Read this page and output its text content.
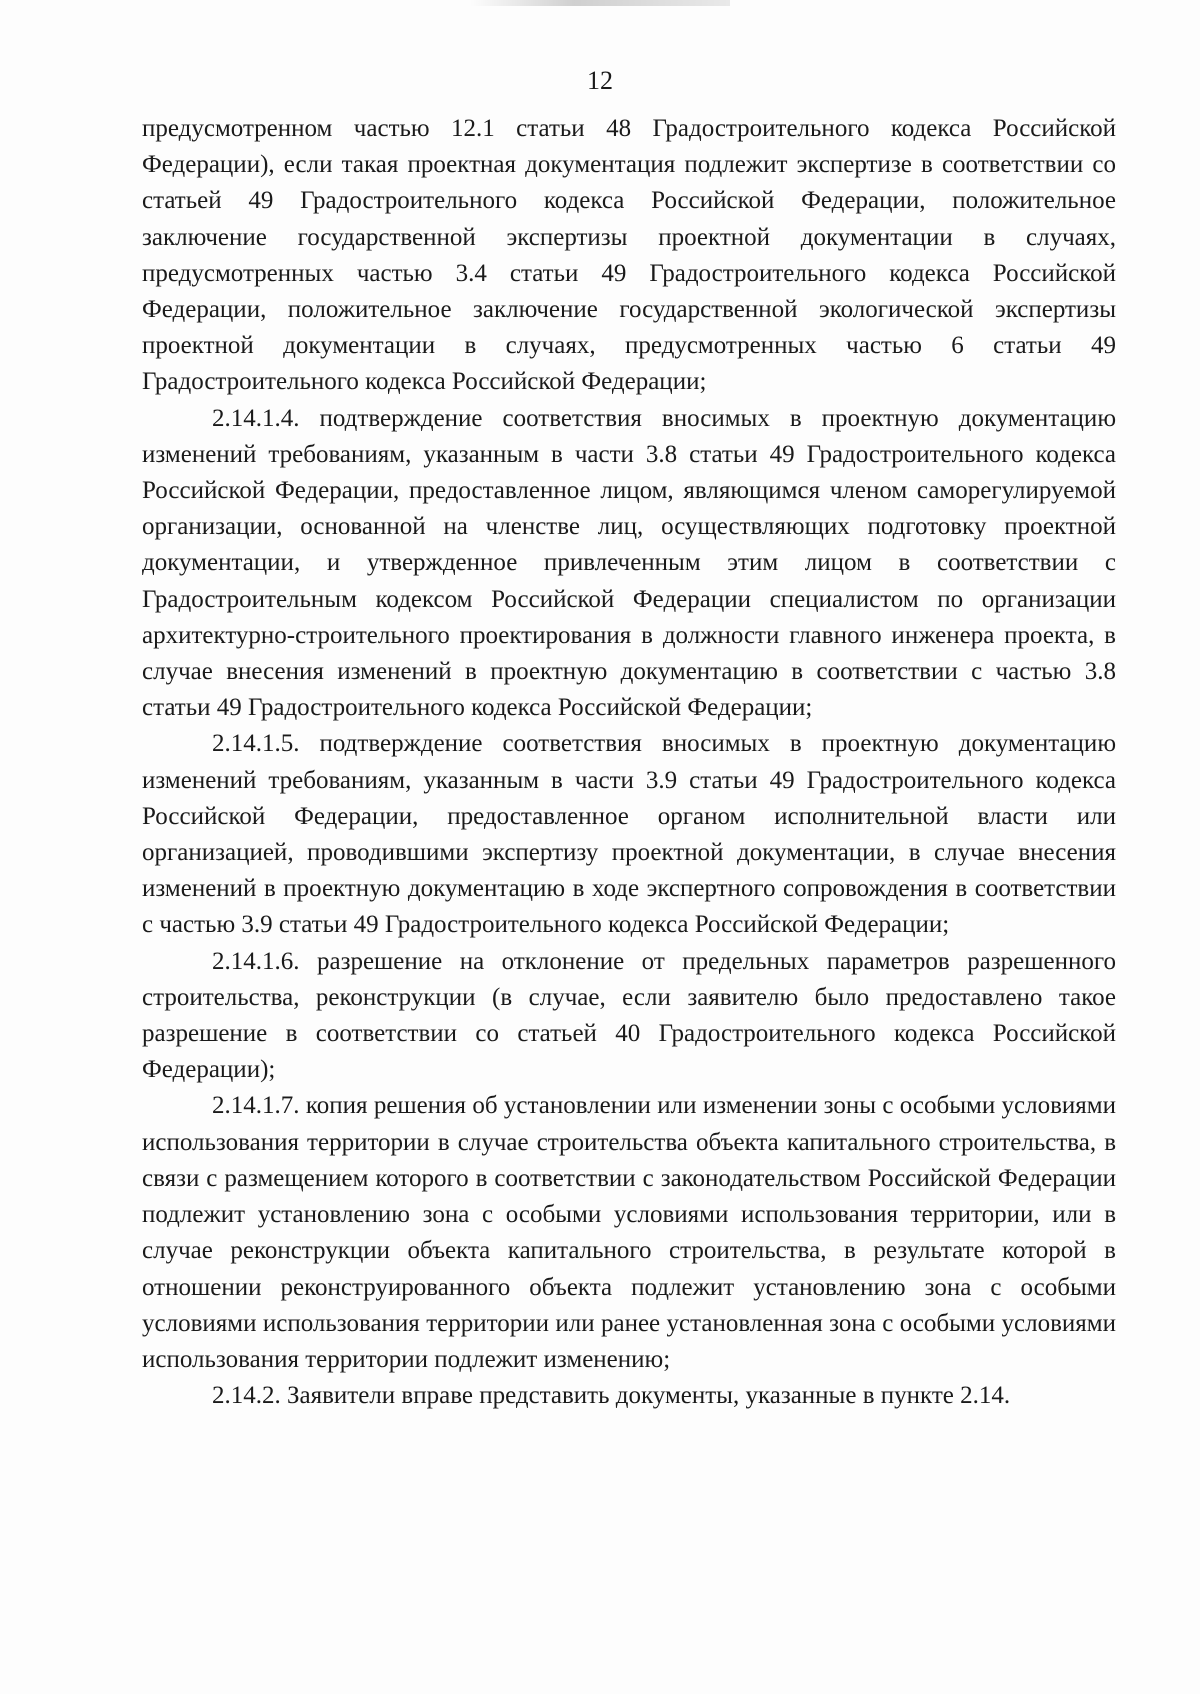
12

предусмотренном частью 12.1 статьи 48 Градостроительного кодекса Российской Федерации), если такая проектная документация подлежит экспертизе в соответствии со статьей 49 Градостроительного кодекса Российской Федерации, положительное заключение государственной экспертизы проектной документации в случаях, предусмотренных частью 3.4 статьи 49 Градостроительного кодекса Российской Федерации, положительное заключение государственной экологической экспертизы проектной документации в случаях, предусмотренных частью 6 статьи 49 Градостроительного кодекса Российской Федерации;

2.14.1.4. подтверждение соответствия вносимых в проектную документацию изменений требованиям, указанным в части 3.8 статьи 49 Градостроительного кодекса Российской Федерации, предоставленное лицом, являющимся членом саморегулируемой организации, основанной на членстве лиц, осуществляющих подготовку проектной документации, и утвержденное привлеченным этим лицом в соответствии с Градостроительным кодексом Российской Федерации специалистом по организации архитектурно-строительного проектирования в должности главного инженера проекта, в случае внесения изменений в проектную документацию в соответствии с частью 3.8 статьи 49 Градостроительного кодекса Российской Федерации;

2.14.1.5. подтверждение соответствия вносимых в проектную документацию изменений требованиям, указанным в части 3.9 статьи 49 Градостроительного кодекса Российской Федерации, предоставленное органом исполнительной власти или организацией, проводившими экспертизу проектной документации, в случае внесения изменений в проектную документацию в ходе экспертного сопровождения в соответствии с частью 3.9 статьи 49 Градостроительного кодекса Российской Федерации;

2.14.1.6. разрешение на отклонение от предельных параметров разрешенного строительства, реконструкции (в случае, если заявителю было предоставлено такое разрешение в соответствии со статьей 40 Градостроительного кодекса Российской Федерации);

2.14.1.7. копия решения об установлении или изменении зоны с особыми условиями использования территории в случае строительства объекта капитального строительства, в связи с размещением которого в соответствии с законодательством Российской Федерации подлежит установлению зона с особыми условиями использования территории, или в случае реконструкции объекта капитального строительства, в результате которой в отношении реконструированного объекта подлежит установлению зона с особыми условиями использования территории или ранее установленная зона с особыми условиями использования территории подлежит изменению;

2.14.2. Заявители вправе представить документы, указанные в пункте 2.14.
